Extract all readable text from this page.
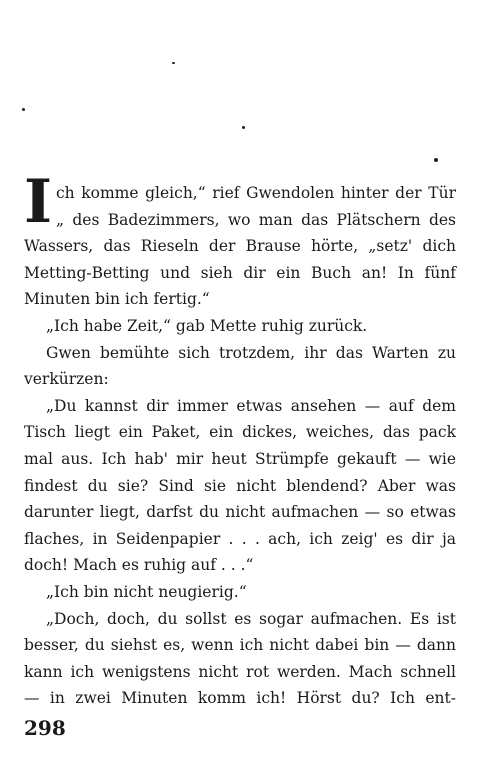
I ch komme gleich,“ rief Gwendolen hinter der Tür
„ des Badezimmers, wo man das Plätschern des
Wassers, das Rieseln der Brause hörte, „setz' dich
Metting-Betting und sieh dir ein Buch an! In fünf
Minuten bin ich fertig.“
„Ich habe Zeit,“ gab Mette ruhig zurück.
Gwen bemühte sich trotzdem, ihr das Warten zu
verkürzen:
„Du kannst dir immer etwas ansehen — auf dem
Tisch liegt ein Paket, ein dickes, weiches, das pack
mal aus. Ich hab' mir heut Strümpfe gekauft — wie
findest du sie? Sind sie nicht blendend? Aber was
darunter liegt, darfst du nicht aufmachen — so etwas
flaches, in Seidenpapier . . . ach, ich zeig' es dir ja
doch! Mach es ruhig auf . . .“
„Ich bin nicht neugierig.“
„Doch, doch, du sollst es sogar aufmachen. Es ist
besser, du siehst es, wenn ich nicht dabei bin — dann
kann ich wenigstens nicht rot werden. Mach schnell
— in zwei Minuten komm ich! Hörst du? Ich ent-
298
